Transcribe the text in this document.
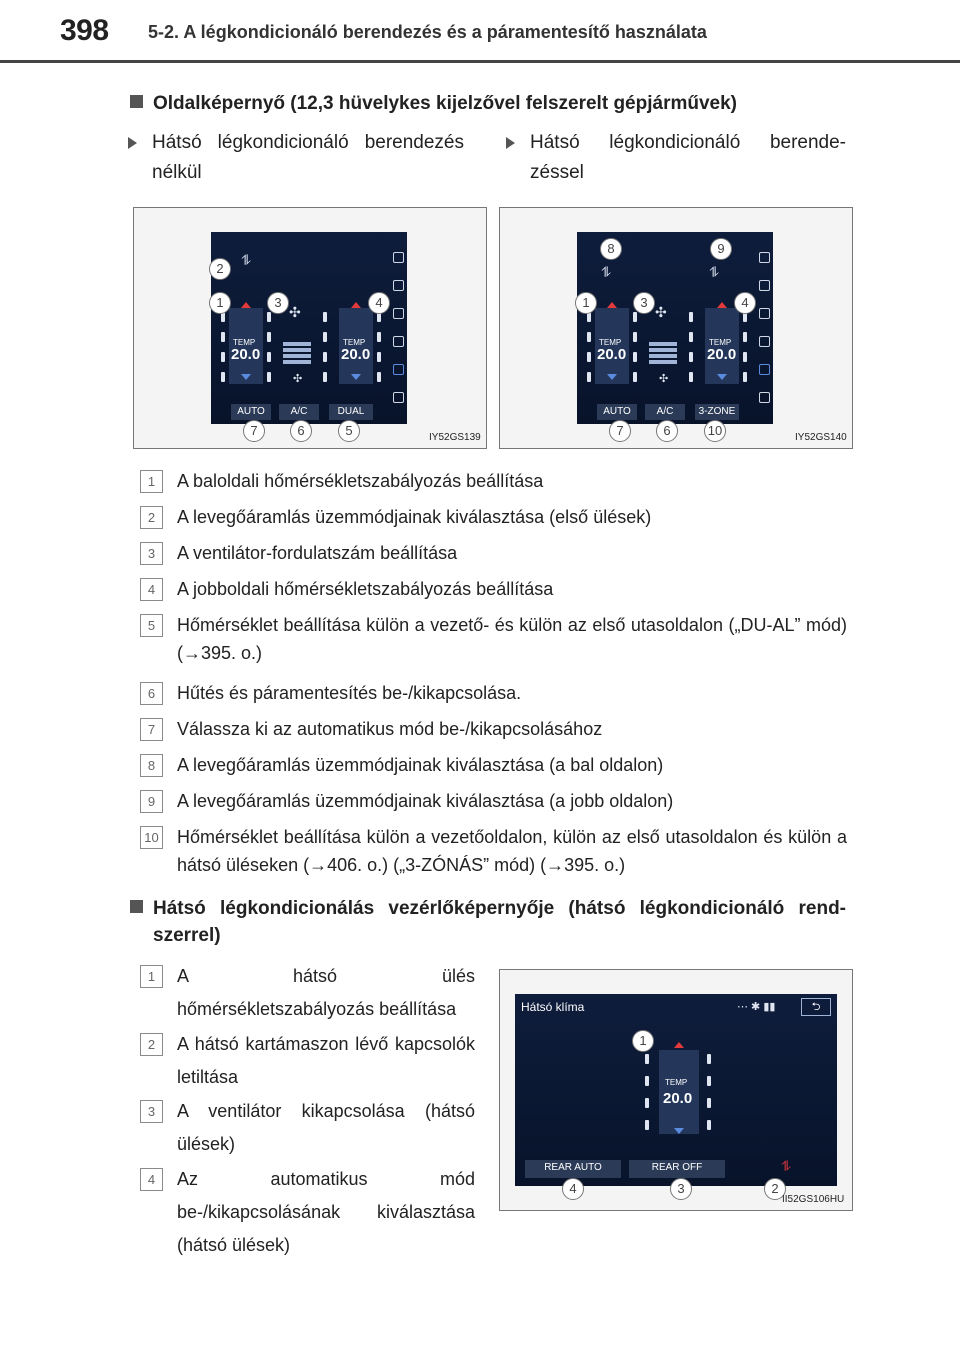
398 5-2. A légkondicionáló berendezés és a páramentesítő használata
Oldalképernyő (12,3 hüvelykes kijelzővel felszerelt gépjárművek)
Hátsó légkondicionáló berendezés
nélkül
Hátsó légkondicionáló berende-
zéssel
⥮
TEMP
20.0
✣
✣
TEMP
20.0
AUTO	A/C	DUAL
2
1	3	4
7	6	5	IY52GS139
⥮	⥮
TEMP
20.0
✣
✣
TEMP
20.0
AUTO	A/C	3-ZONE
8	9
1	3	4
7	6	10	IY52GS140
1	A baloldali hőmérsékletszabályozás beállítása
2	A levegőáramlás üzemmódjainak kiválasztása (első ülések)
3	A ventilátor-fordulatszám beállítása
4	A jobboldali hőmérsékletszabályozás beállítása
5	Hőmérséklet beállítása külön a vezető- és külön az első utasoldalon („DU-AL” mód) (→395. o.)
6	Hűtés és páramentesítés be-/kikapcsolása.
7	Válassza ki az automatikus mód be-/kikapcsolásához
8	A levegőáramlás üzemmódjainak kiválasztása (a bal oldalon)
9	A levegőáramlás üzemmódjainak kiválasztása (a jobb oldalon)
10 Hőmérséklet beállítása külön a vezetőoldalon, külön az első utasoldalon és külön a hátsó üléseken (→406. o.) („3-ZÓNÁS” mód) (→395. o.)
Hátsó légkondicionálás vezérlőképernyője (hátsó légkondicionáló rend-
szerrel)
1	A hátsó ülés hőmérsékletszabályozás beállítása
2	A hátsó kartámaszon lévő kapcsolók letiltása
3	A ventilátor kikapcsolása (hátsó ülések)
4	Az automatikus mód be-/kikapcsolásának kiválasztása (hátsó ülések)
Hátsó klíma	⋯ ✱ ▮▮	⮌
TEMP
20.0
REAR AUTO	REAR OFF	⥮
1
4	3	2
II52GS106HU
